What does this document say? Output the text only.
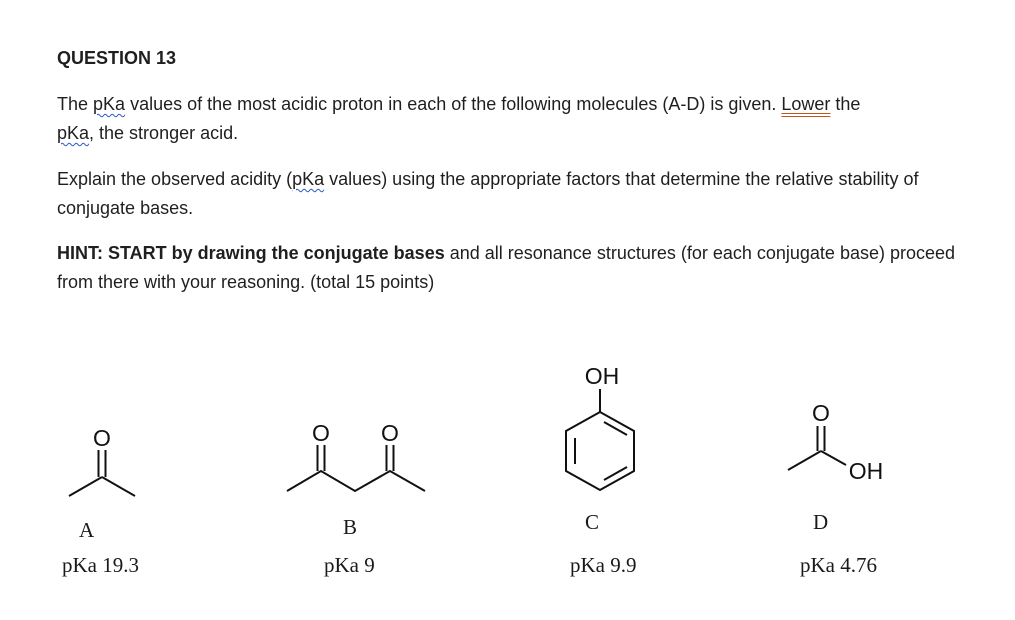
QUESTION 13
The pKa values of the most acidic proton in each of the following molecules (A-D) is given. Lower the
pKa, the stronger acid.
Explain the observed acidity (pKa values) using the appropriate factors that determine the relative stability of conjugate bases.
HINT: START by drawing the conjugate bases and all resonance structures (for each conjugate base) proceed from there with your reasoning. (total 15 points)
O
A
pKa 19.3
O O
B
pKa 9
OH
C
pKa 9.9
O
OH
D
pKa 4.76
